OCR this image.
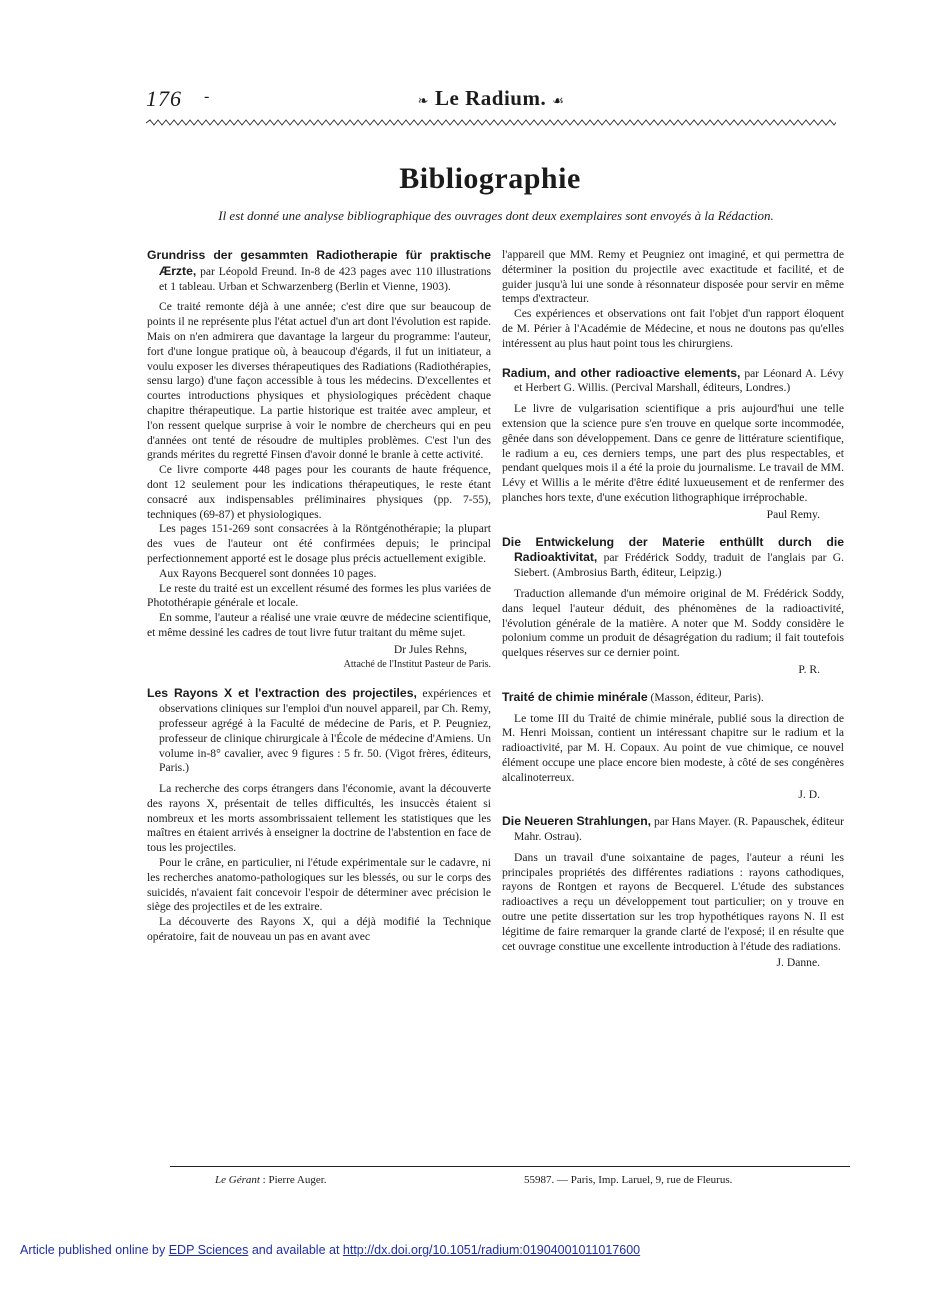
176 -	❧ Le Radium. ☙
Bibliographie
Il est donné une analyse bibliographique des ouvrages dont deux exemplaires sont envoyés à la Rédaction.

Grundriss der gesammten Radiotherapie für praktische Ærzte, par Léopold Freund. In-8 de 423 pages avec 110 illustrations et 1 tableau. Urban et Schwarzenberg (Berlin et Vienne, 1903).

Ce traité remonte déjà à une année; c'est dire que sur beaucoup de points il ne représente plus l'état actuel d'un art dont l'évolution est rapide. Mais on n'en admirera que davantage la largeur du programme: l'auteur, fort d'une longue pratique où, à beaucoup d'égards, il fut un initiateur, a voulu exposer les diverses thérapeutiques des Radiations (Radiothérapies, sensu largo) d'une façon accessible à tous les médecins. D'excellentes et courtes introductions physiques et physiologiques précèdent chaque chapitre thérapeutique. La partie historique est traitée avec ampleur, et l'on ressent quelque surprise à voir le nombre de chercheurs qui en peu d'années ont tenté de résoudre de multiples problèmes. C'est l'un des grands mérites du regretté Finsen d'avoir donné le branle à cette activité.

Ce livre comporte 448 pages pour les courants de haute fréquence, dont 12 seulement pour les indications thérapeutiques, le reste étant consacré aux indispensables préliminaires physiques (pp. 7-55), techniques (69-87) et physiologiques.

Les pages 151-269 sont consacrées à la Röntgénothérapie; la plupart des vues de l'auteur ont été confirmées depuis; le principal perfectionnement apporté est le dosage plus précis actuellement exigible.

Aux Rayons Becquerel sont données 10 pages.

Le reste du traité est un excellent résumé des formes les plus variées de Photothérapie générale et locale.

En somme, l'auteur a réalisé une vraie œuvre de médecine scientifique, et même dessiné les cadres de tout livre futur traitant du même sujet.

Dr Jules Rehns,

Attaché de l'Institut Pasteur de Paris.

Les Rayons X et l'extraction des projectiles, expériences et observations cliniques sur l'emploi d'un nouvel appareil, par Ch. Remy, professeur agrégé à la Faculté de médecine de Paris, et P. Peugniez, professeur de clinique chirurgicale à l'École de médecine d'Amiens. Un volume in-8° cavalier, avec 9 figures : 5 fr. 50. (Vigot frères, éditeurs, Paris.)

La recherche des corps étrangers dans l'économie, avant la découverte des rayons X, présentait de telles difficultés, les insuccès étaient si nombreux et les morts assombrissaient tellement les statistiques que les maîtres en étaient arrivés à enseigner la doctrine de l'abstention en face de tous les projectiles.

Pour le crâne, en particulier, ni l'étude expérimentale sur le cadavre, ni les recherches anatomo-pathologiques sur les blessés, ou sur le corps des suicidés, n'avaient fait concevoir l'espoir de déterminer avec précision le siège des projectiles et de les extraire.

La découverte des Rayons X, qui a déjà modifié la Technique opératoire, fait de nouveau un pas en avant avec

l'appareil que MM. Remy et Peugniez ont imaginé, et qui permettra de déterminer la position du projectile avec exactitude et facilité, et de guider jusqu'à lui une sonde à résonnateur disposée pour servir en même temps d'extracteur.

Ces expériences et observations ont fait l'objet d'un rapport éloquent de M. Périer à l'Académie de Médecine, et nous ne doutons pas qu'elles intéressent au plus haut point tous les chirurgiens.

Radium, and other radioactive elements, par Léonard A. Lévy et Herbert G. Willis. (Percival Marshall, éditeurs, Londres.)

Le livre de vulgarisation scientifique a pris aujourd'hui une telle extension que la science pure s'en trouve en quelque sorte incommodée, gênée dans son développement. Dans ce genre de littérature scientifique, le radium a eu, ces derniers temps, une part des plus respectables, et pendant quelques mois il a été la proie du journalisme. Le travail de MM. Lévy et Willis a le mérite d'être édité luxueusement et de renfermer des planches hors texte, d'une exécution lithographique irréprochable.

Paul Remy.

Die Entwickelung der Materie enthüllt durch die Radioaktivitat, par Frédérick Soddy, traduit de l'anglais par G. Siebert. (Ambrosius Barth, éditeur, Leipzig.)

Traduction allemande d'un mémoire original de M. Frédérick Soddy, dans lequel l'auteur déduit, des phénomènes de la radioactivité, l'évolution générale de la matière. A noter que M. Soddy considère le polonium comme un produit de désagrégation du radium; il fait toutefois quelques réserves sur ce dernier point.

P. R.

Traité de chimie minérale (Masson, éditeur, Paris).

Le tome III du Traité de chimie minérale, publié sous la direction de M. Henri Moissan, contient un intéressant chapitre sur le radium et la radioactivité, par M. H. Copaux. Au point de vue chimique, ce nouvel élément occupe une place encore bien modeste, à côté de ses congénères alcalinoterreux.

J. D.

Die Neueren Strahlungen, par Hans Mayer. (R. Papauschek, éditeur Mahr. Ostrau).

Dans un travail d'une soixantaine de pages, l'auteur a réuni les principales propriétés des différentes radiations : rayons cathodiques, rayons de Rontgen et rayons de Becquerel. L'étude des substances radioactives a reçu un développement tout particulier; on y trouve en outre une petite dissertation sur les trop hypothétiques rayons N. Il est légitime de faire remarquer la grande clarté de l'exposé; il en résulte que cet ouvrage constitue une excellente introduction à l'étude des radiations.

J. Danne.

Le Gérant : Pierre Auger.	55987. — Paris, Imp. Laruel, 9, rue de Fleurus.
Article published online by EDP Sciences and available at http://dx.doi.org/10.1051/radium:01904001011017600
